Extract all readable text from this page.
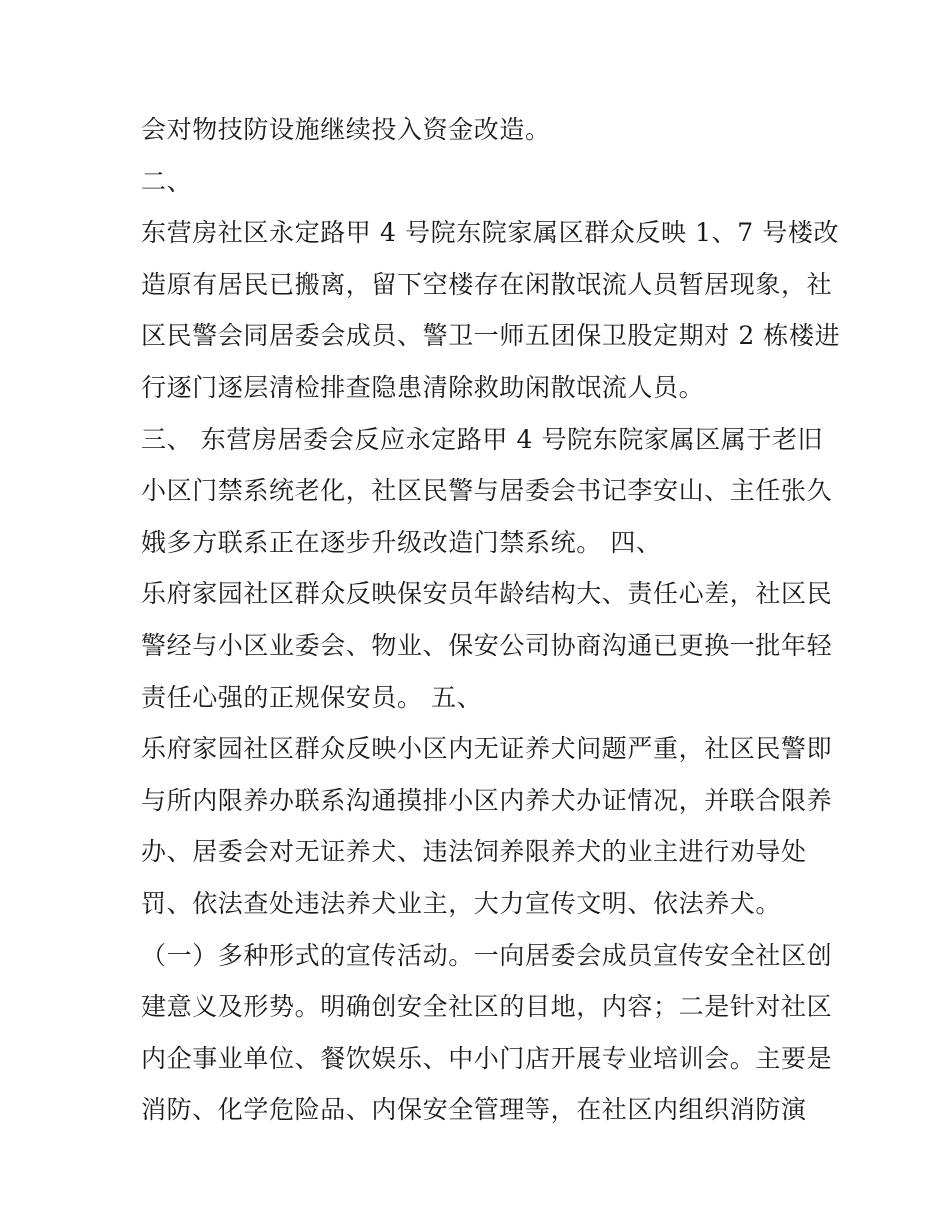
会对物技防设施继续投入资金改造。
二、
东营房社区永定路甲 4 号院东院家属区群众反映 1、7 号楼改
造原有居民已搬离，留下空楼存在闲散氓流人员暂居现象，社
区民警会同居委会成员、警卫一师五团保卫股定期对 2 栋楼进
行逐门逐层清检排查隐患清除救助闲散氓流人员。
三、 东营房居委会反应永定路甲 4 号院东院家属区属于老旧
小区门禁系统老化，社区民警与居委会书记李安山、主任张久
娥多方联系正在逐步升级改造门禁系统。 四、
乐府家园社区群众反映保安员年龄结构大、责任心差，社区民
警经与小区业委会、物业、保安公司协商沟通已更换一批年轻
责任心强的正规保安员。 五、
乐府家园社区群众反映小区内无证养犬问题严重，社区民警即
与所内限养办联系沟通摸排小区内养犬办证情况，并联合限养
办、居委会对无证养犬、违法饲养限养犬的业主进行劝导处
罚、依法查处违法养犬业主，大力宣传文明、依法养犬。
（一）多种形式的宣传活动。一向居委会成员宣传安全社区创
建意义及形势。明确创安全社区的目地，内容；二是针对社区
内企事业单位、餐饮娱乐、中小门店开展专业培训会。主要是
消防、化学危险品、内保安全管理等，在社区内组织消防演
